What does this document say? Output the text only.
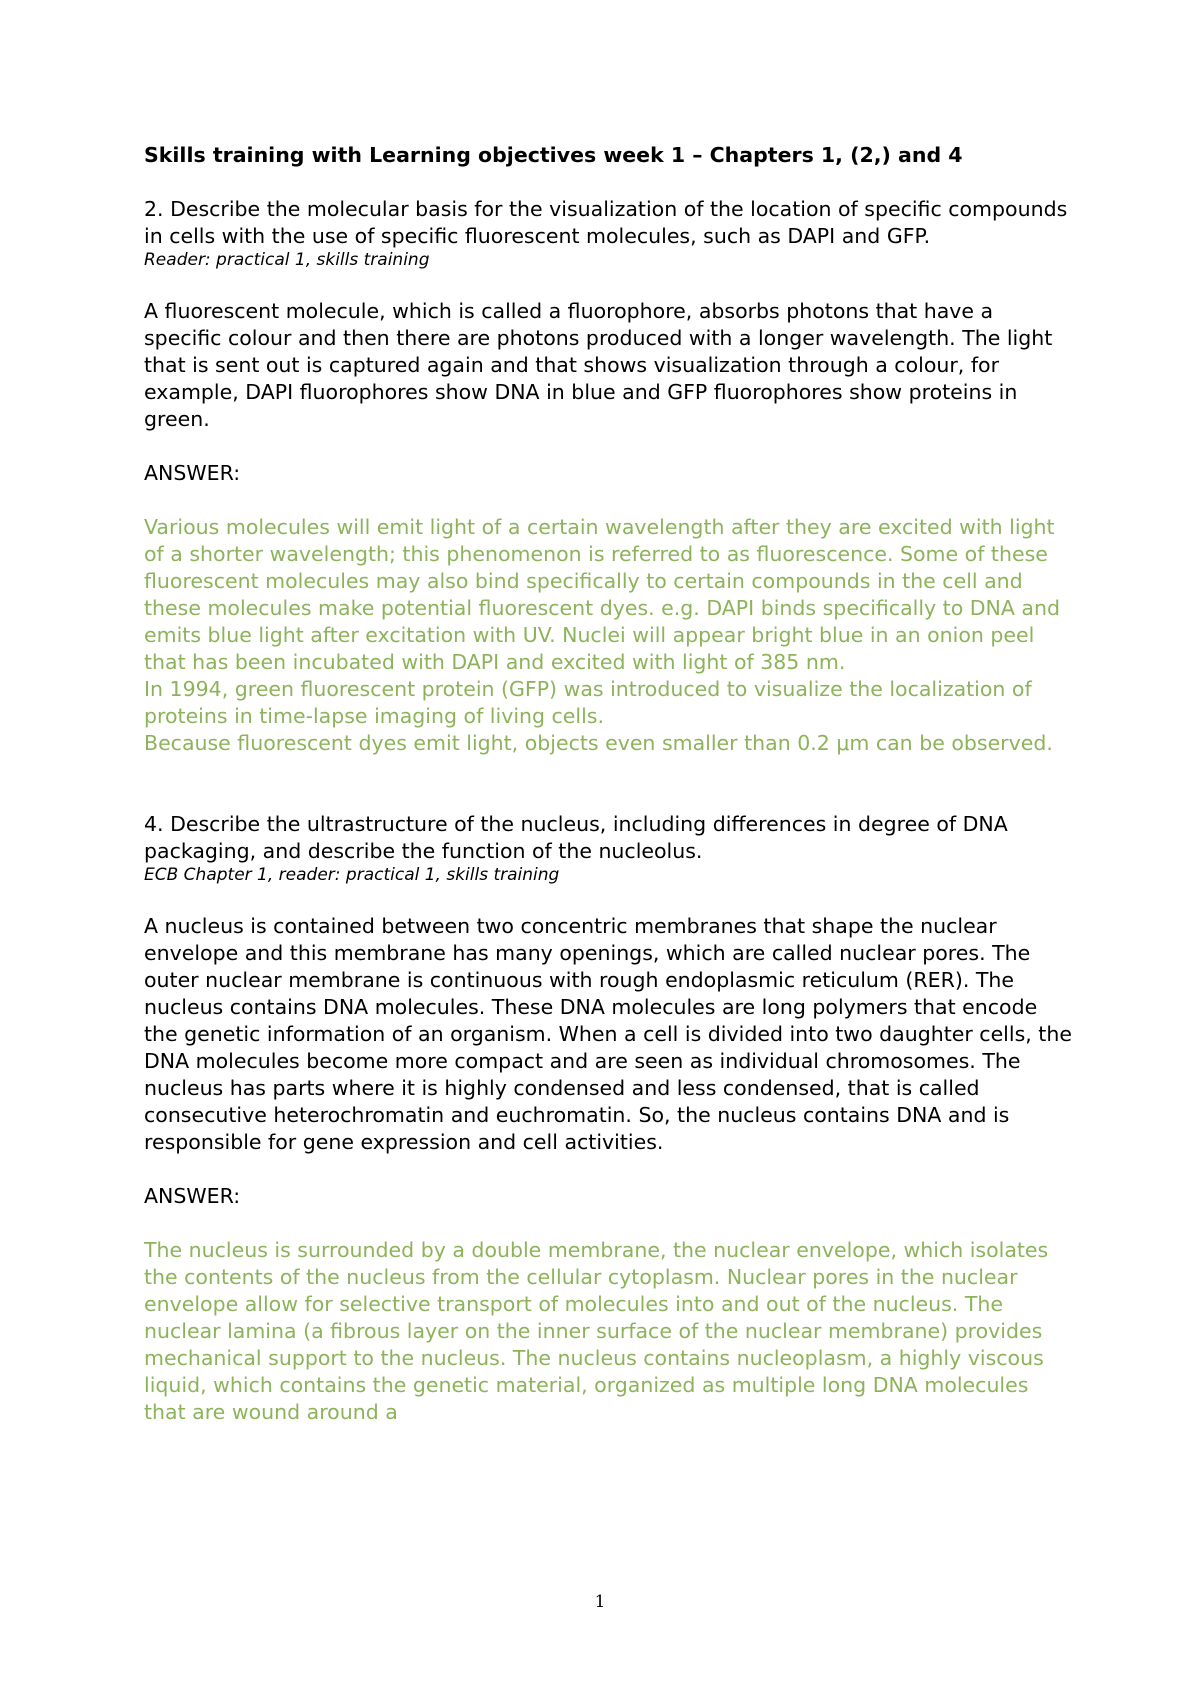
Skills training with Learning objectives week 1 – Chapters 1, (2,) and 4

2. Describe the molecular basis for the visualization of the location of specific compounds in cells with the use of specific fluorescent molecules, such as DAPI and GFP.

Reader: practical 1, skills training

A fluorescent molecule, which is called a fluorophore, absorbs photons that have a specific colour and then there are photons produced with a longer wavelength. The light that is sent out is captured again and that shows visualization through a colour, for example, DAPI fluorophores show DNA in blue and GFP fluorophores show proteins in green.

ANSWER:

Various molecules will emit light of a certain wavelength after they are excited with light of a shorter wavelength; this phenomenon is referred to as fluorescence. Some of these fluorescent molecules may also bind specifically to certain compounds in the cell and these molecules make potential fluorescent dyes. e.g. DAPI binds specifically to DNA and emits blue light after excitation with UV. Nuclei will appear bright blue in an onion peel that has been incubated with DAPI and excited with light of 385 nm.

In 1994, green fluorescent protein (GFP) was introduced to visualize the localization of proteins in time-lapse imaging of living cells.

Because fluorescent dyes emit light, objects even smaller than 0.2 μm can be observed.

4. Describe the ultrastructure of the nucleus, including differences in degree of DNA packaging, and describe the function of the nucleolus.

ECB Chapter 1, reader: practical 1, skills training

A nucleus is contained between two concentric membranes that shape the nuclear envelope and this membrane has many openings, which are called nuclear pores. The outer nuclear membrane is continuous with rough endoplasmic reticulum (RER). The nucleus contains DNA molecules. These DNA molecules are long polymers that encode the genetic information of an organism. When a cell is divided into two daughter cells, the DNA molecules become more compact and are seen as individual chromosomes. The nucleus has parts where it is highly condensed and less condensed, that is called consecutive heterochromatin and euchromatin. So, the nucleus contains DNA and is responsible for gene expression and cell activities.

ANSWER:

The nucleus is surrounded by a double membrane, the nuclear envelope, which isolates the contents of the nucleus from the cellular cytoplasm. Nuclear pores in the nuclear envelope allow for selective transport of molecules into and out of the nucleus. The nuclear lamina (a fibrous layer on the inner surface of the nuclear membrane) provides mechanical support to the nucleus. The nucleus contains nucleoplasm, a highly viscous liquid, which contains the genetic material, organized as multiple long DNA molecules that are wound around a

1
